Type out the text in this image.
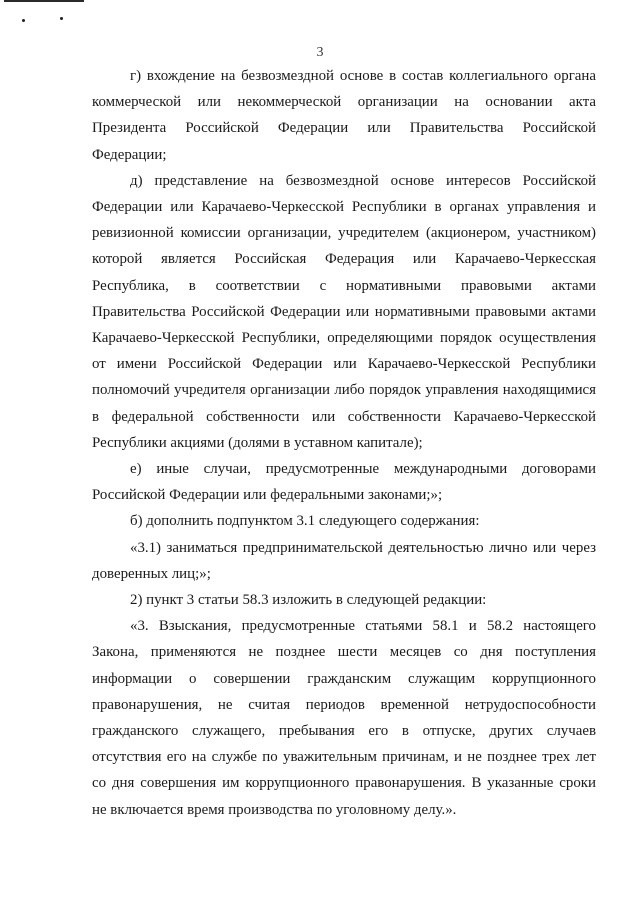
3

г) вхождение на безвозмездной основе в состав коллегиального органа коммерческой или некоммерческой организации на основании акта Президента Российской Федерации или Правительства Российской Федерации;

д) представление на безвозмездной основе интересов Российской Федерации или Карачаево-Черкесской Республики в органах управления и ревизионной комиссии организации, учредителем (акционером, участником) которой является Российская Федерация или Карачаево-Черкесская Республика, в соответствии с нормативными правовыми актами Правительства Российской Федерации или нормативными правовыми актами Карачаево-Черкесской Республики, определяющими порядок осуществления от имени Российской Федерации или Карачаево-Черкесской Республики полномочий учредителя организации либо порядок управления находящимися в федеральной собственности или собственности Карачаево-Черкесской Республики акциями (долями в уставном капитале);

е) иные случаи, предусмотренные международными договорами Российской Федерации или федеральными законами;»;

б) дополнить подпунктом 3.1 следующего содержания:

«3.1) заниматься предпринимательской деятельностью лично или через доверенных лиц;»;

2) пункт 3 статьи 58.3 изложить в следующей редакции:

«3. Взыскания, предусмотренные статьями 58.1 и 58.2 настоящего Закона, применяются не позднее шести месяцев со дня поступления информации о совершении гражданским служащим коррупционного правонарушения, не считая периодов временной нетрудоспособности гражданского служащего, пребывания его в отпуске, других случаев отсутствия его на службе по уважительным причинам, и не позднее трех лет со дня совершения им коррупционного правонарушения. В указанные сроки не включается время производства по уголовному делу.».
